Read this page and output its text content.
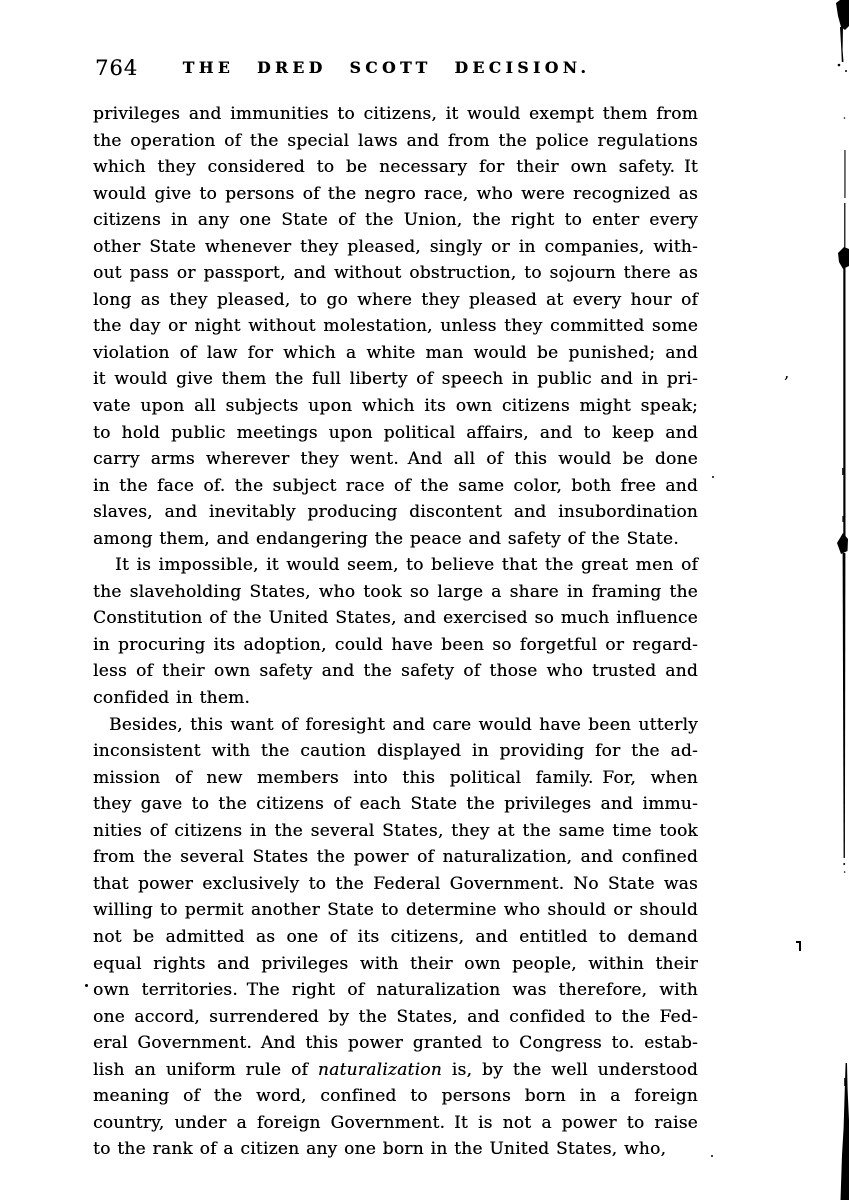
764	THE DRED SCOTT DECISION.
privileges and immunities to citizens, it would exempt them from
the operation of the special laws and from the police regulations
which they considered to be necessary for their own safety. It
would give to persons of the negro race, who were recognized as
citizens in any one State of the Union, the right to enter every
other State whenever they pleased, singly or in companies, with-
out pass or passport, and without obstruction, to sojourn there as
long as they pleased, to go where they pleased at every hour of
the day or night without molestation, unless they committed some
violation of law for which a white man would be punished; and
it would give them the full liberty of speech in public and in pri-
vate upon all subjects upon which its own citizens might speak;
to hold public meetings upon political affairs, and to keep and
carry arms wherever they went. And all of this would be done
in the face of. the subject race of the same color, both free and
slaves, and inevitably producing discontent and insubordination
among them, and endangering the peace and safety of the State.
It is impossible, it would seem, to believe that the great men of
the slaveholding States, who took so large a share in framing the
Constitution of the United States, and exercised so much influence
in procuring its adoption, could have been so forgetful or regard-
less of their own safety and the safety of those who trusted and
confided in them.
Besides, this want of foresight and care would have been utterly
inconsistent with the caution displayed in providing for the ad-
mission of new members into this political family. For, when
they gave to the citizens of each State the privileges and immu-
nities of citizens in the several States, they at the same time took
from the several States the power of naturalization, and confined
that power exclusively to the Federal Government. No State was
willing to permit another State to determine who should or should
not be admitted as one of its citizens, and entitled to demand
equal rights and privileges with their own people, within their
own territories. The right of naturalization was therefore, with
one accord, surrendered by the States, and confided to the Fed-
eral Government. And this power granted to Congress to. estab-
lish an uniform rule of naturalization is, by the well understood
meaning of the word, confined to persons born in a foreign
country, under a foreign Government. It is not a power to raise
to the rank of a citizen any one born in the United States, who,
,
